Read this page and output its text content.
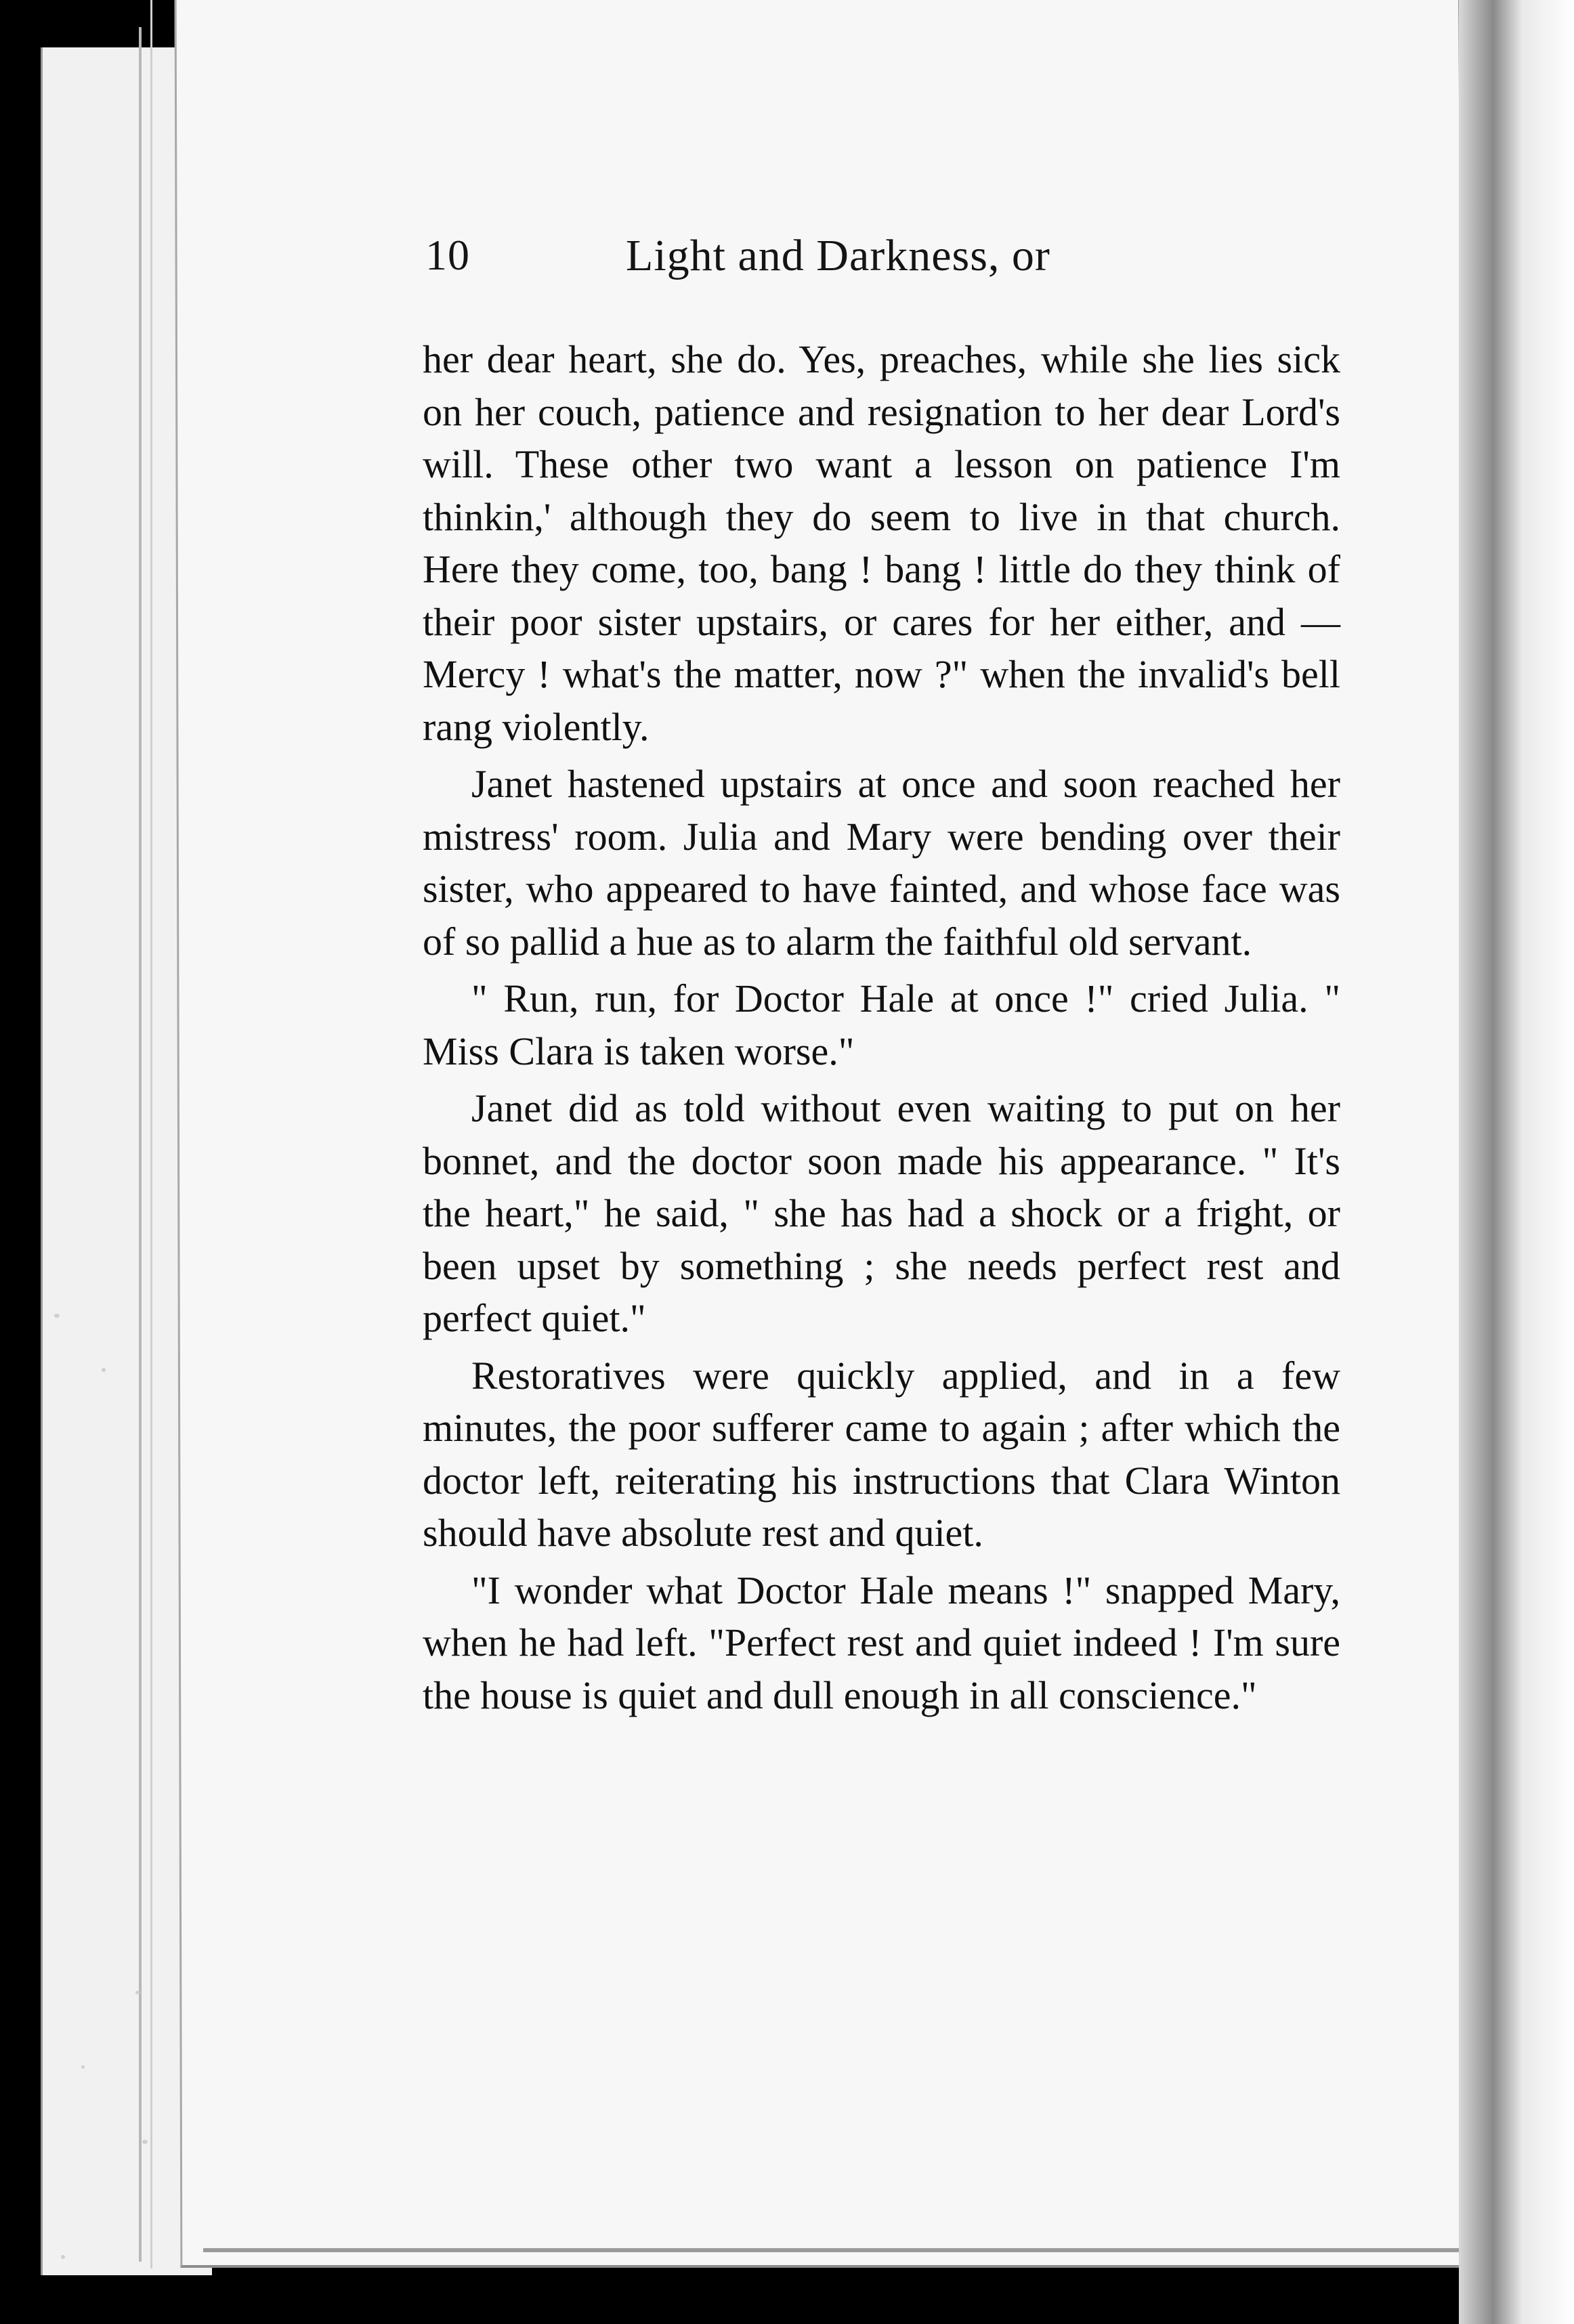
10	Light and Darkness, or

her dear heart, she do. Yes, preaches, while she lies sick on her couch, patience and resignation to her dear Lord's will. These other two want a lesson on patience I'm thinkin,' although they do seem to live in that church. Here they come, too, bang ! bang ! little do they think of their poor sister upstairs, or cares for her either, and —Mercy ! what's the matter, now ?" when the invalid's bell rang violently.

Janet hastened upstairs at once and soon reached her mistress' room. Julia and Mary were bending over their sister, who appeared to have fainted, and whose face was of so pallid a hue as to alarm the faithful old servant.

" Run, run, for Doctor Hale at once !" cried Julia. " Miss Clara is taken worse."

Janet did as told without even waiting to put on her bonnet, and the doctor soon made his appearance. " It's the heart," he said, " she has had a shock or a fright, or been upset by something ; she needs perfect rest and perfect quiet."

Restoratives were quickly applied, and in a few minutes, the poor sufferer came to again ; after which the doctor left, reiterating his instructions that Clara Winton should have absolute rest and quiet.

"I wonder what Doctor Hale means !" snapped Mary, when he had left. "Perfect rest and quiet indeed ! I'm sure the house is quiet and dull enough in all conscience."
